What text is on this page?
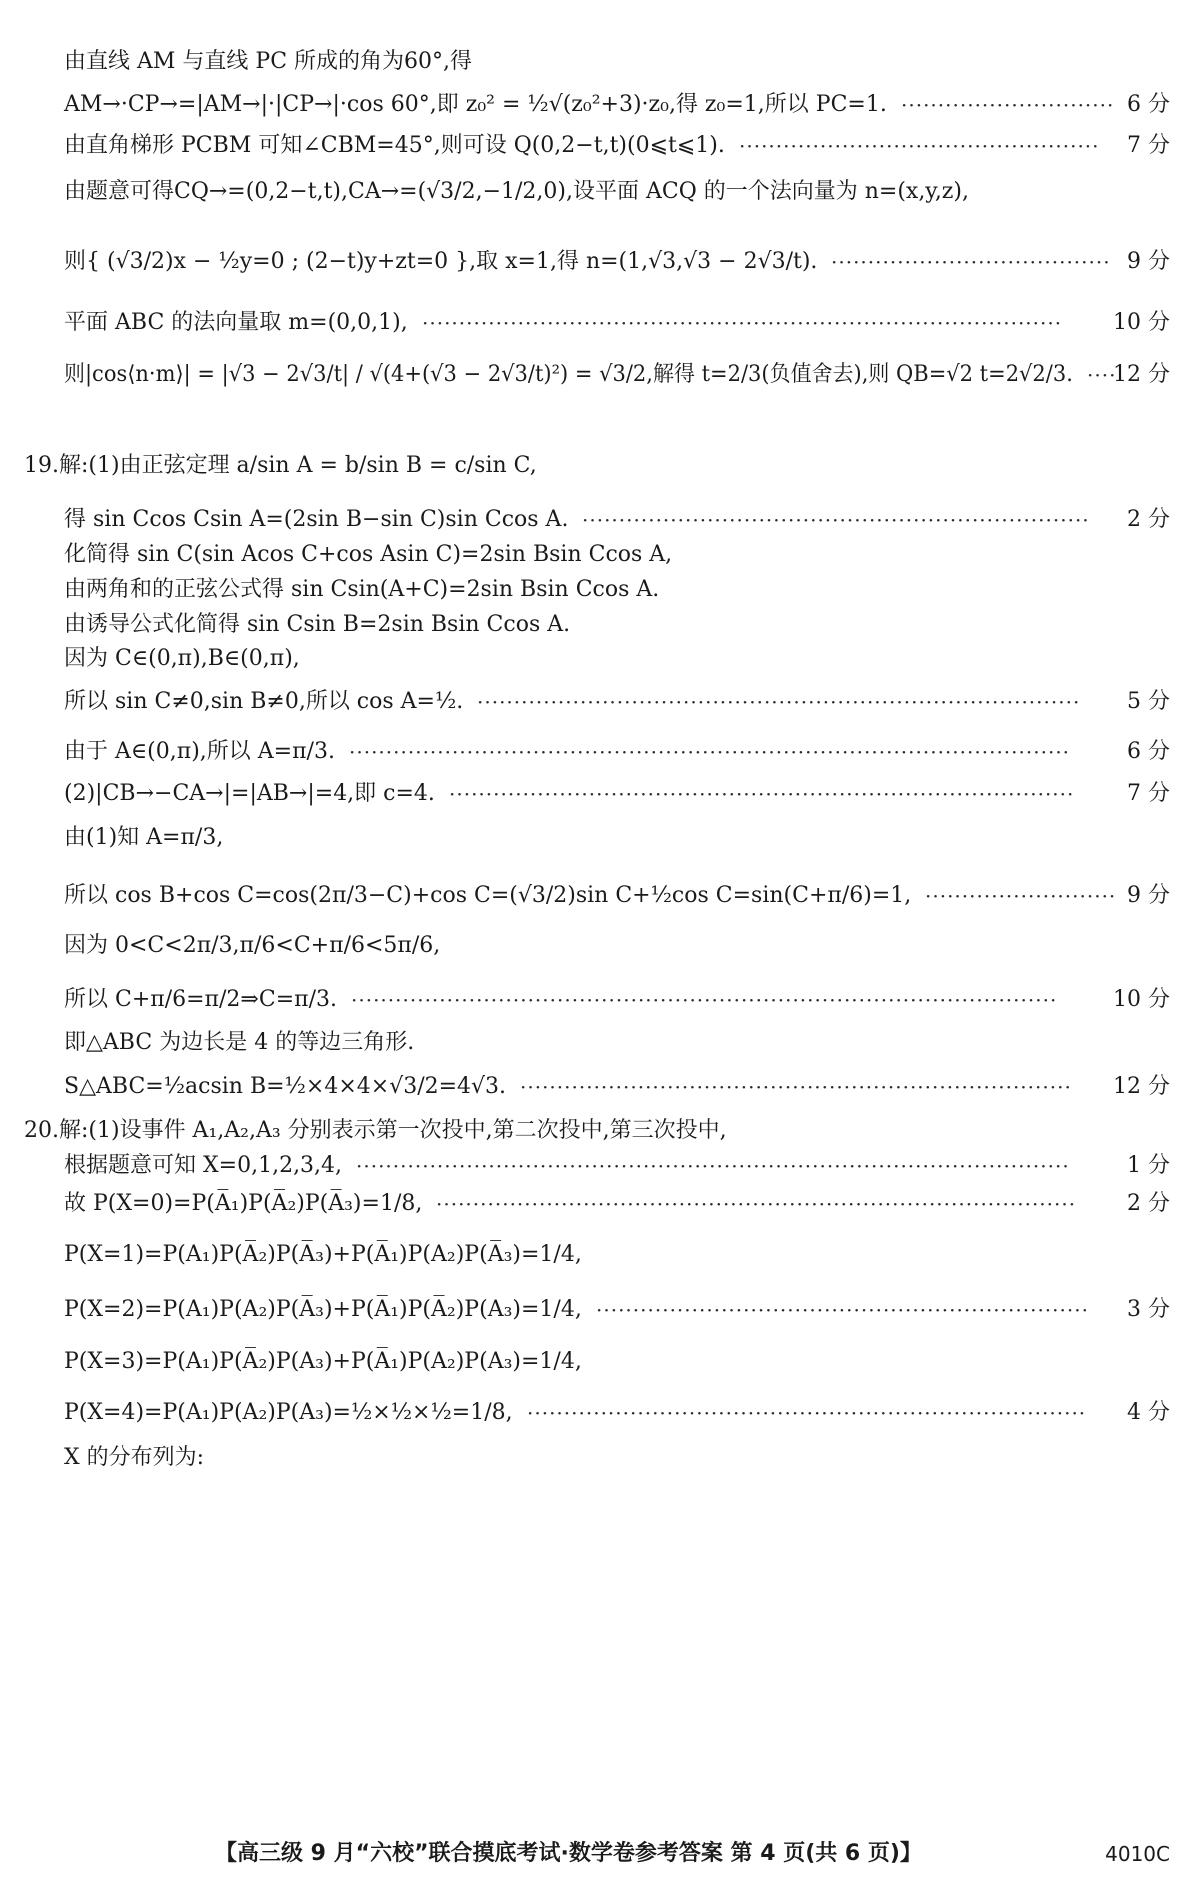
由直线 AM 与直线 PC 所成的角为60°,得
AM→·CP→=|AM→|·|CP→|·cos 60°,即 z₀² = ½√(z₀²+3)·z₀,得 z₀=1,所以 PC=1. ····························· 6 分
由直角梯形 PCBM 可知∠CBM=45°,则可设 Q(0,2−t,t)(0⩽t⩽1). ·················································	7 分
由题意可得CQ→=(0,2−t,t),CA→=(√3/2,−1/2,0),设平面 ACQ 的一个法向量为 n=(x,y,z),
则{ (√3/2)x − ½y=0 ; (2−t)y+zt=0 },取 x=1,得 n=(1,√3,√3 − 2√3/t). ······································ 9 分
平面 ABC 的法向量取 m=(0,0,1), ·······················································································	10 分
则|cos⟨n·m⟩| = |√3 − 2√3/t| / √(4+(√3 − 2√3/t)²) = √3/2,解得 t=2/3(负值舍去),则 QB=√2 t=2√2/3. ····
12 分
19.解:(1)由正弦定理 a/sin A = b/sin B = c/sin C,
得 sin Ccos Csin A=(2sin B−sin C)sin Ccos A. ·····································································	2 分
化简得 sin C(sin Acos C+cos Asin C)=2sin Bsin Ccos A,
由两角和的正弦公式得 sin Csin(A+C)=2sin Bsin Ccos A.
由诱导公式化简得 sin Csin B=2sin Bsin Ccos A.
因为 C∈(0,π),B∈(0,π),
所以 sin C≠0,sin B≠0,所以 cos A=½. ··················································································	5 分
由于 A∈(0,π),所以 A=π/3. ··································································································	6 分
(2)|CB→−CA→|=|AB→|=4,即 c=4. ·····················································································	7 分
由(1)知 A=π/3,
所以 cos B+cos C=cos(2π/3−C)+cos C=(√3/2)sin C+½cos C=sin(C+π/6)=1, ·························· 9 分
因为 0<C<2π/3,π/6<C+π/6<5π/6,
所以 C+π/6=π/2⇒C=π/3. ································································································	10 分
即△ABC 为边长是 4 的等边三角形.
S△ABC=½acsin B=½×4×4×√3/2=4√3. ···········································································	12 分
20.解:(1)设事件 A₁,A₂,A₃ 分别表示第一次投中,第二次投中,第三次投中,
根据题意可知 X=0,1,2,3,4, ·································································································	1 分
故 P(X=0)=P(A̅₁)P(A̅₂)P(A̅₃)=1/8, ·······················································································	2 分
P(X=1)=P(A₁)P(A̅₂)P(A̅₃)+P(A̅₁)P(A₂)P(A̅₃)=1/4,
P(X=2)=P(A₁)P(A₂)P(A̅₃)+P(A̅₁)P(A̅₂)P(A₃)=1/4, ···································································	3 分
P(X=3)=P(A₁)P(A̅₂)P(A₃)+P(A̅₁)P(A₂)P(A₃)=1/4,
P(X=4)=P(A₁)P(A₂)P(A₃)=½×½×½=1/8, ············································································	4 分
X 的分布列为:
【高三级 9 月“六校”联合摸底考试·数学卷参考答案 第 4 页(共 6 页)】	4010C
